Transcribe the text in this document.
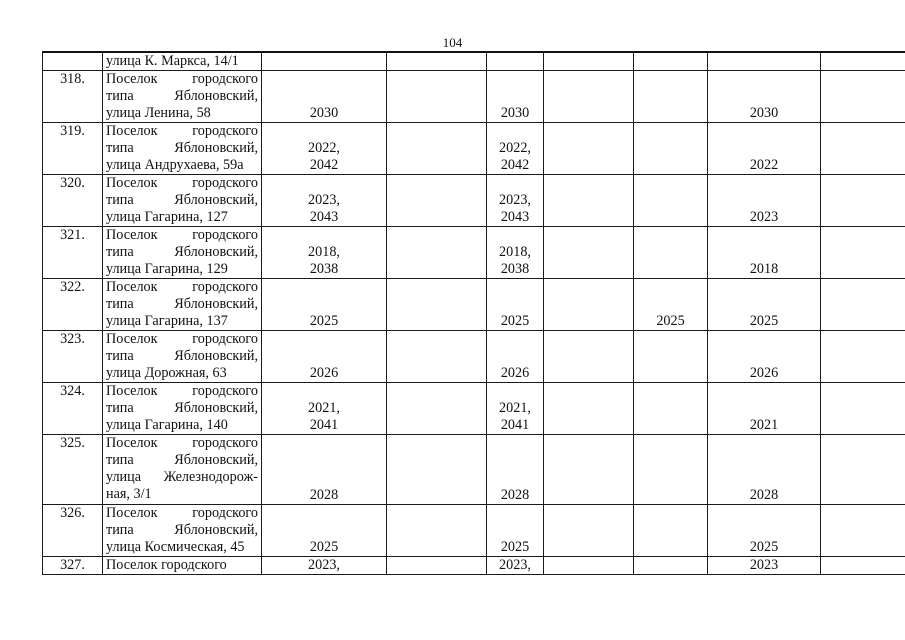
104

	улица К. Маркса, 14/1							

318.	Поселок городского
типа Яблоновский,
улица Ленина, 58	2030		2030			2030	

319.	Поселок городского
типа Яблоновский,
улица Андрухаева, 59а	2022,
2042		2022,
2042			2022	

320.	Поселок городского
типа Яблоновский,
улица Гагарина, 127	2023,
2043		2023,
2043			2023	

321.	Поселок городского
типа Яблоновский,
улица Гагарина, 129	2018,
2038		2018,
2038			2018	

322.	Поселок городского
типа Яблоновский,
улица Гагарина, 137	2025		2025		2025	2025	

323.	Поселок городского
типа Яблоновский,
улица Дорожная, 63	2026		2026			2026	

324.	Поселок городского
типа Яблоновский,
улица Гагарина, 140	2021,
2041		2021,
2041			2021	

325.	Поселок городского
типа Яблоновский,
улица Железнодорож-
ная, 3/1	2028		2028			2028	

326.	Поселок городского
типа Яблоновский,
улица Космическая, 45	2025		2025			2025	

327.	Поселок городского	2023,		2023,			2023	
